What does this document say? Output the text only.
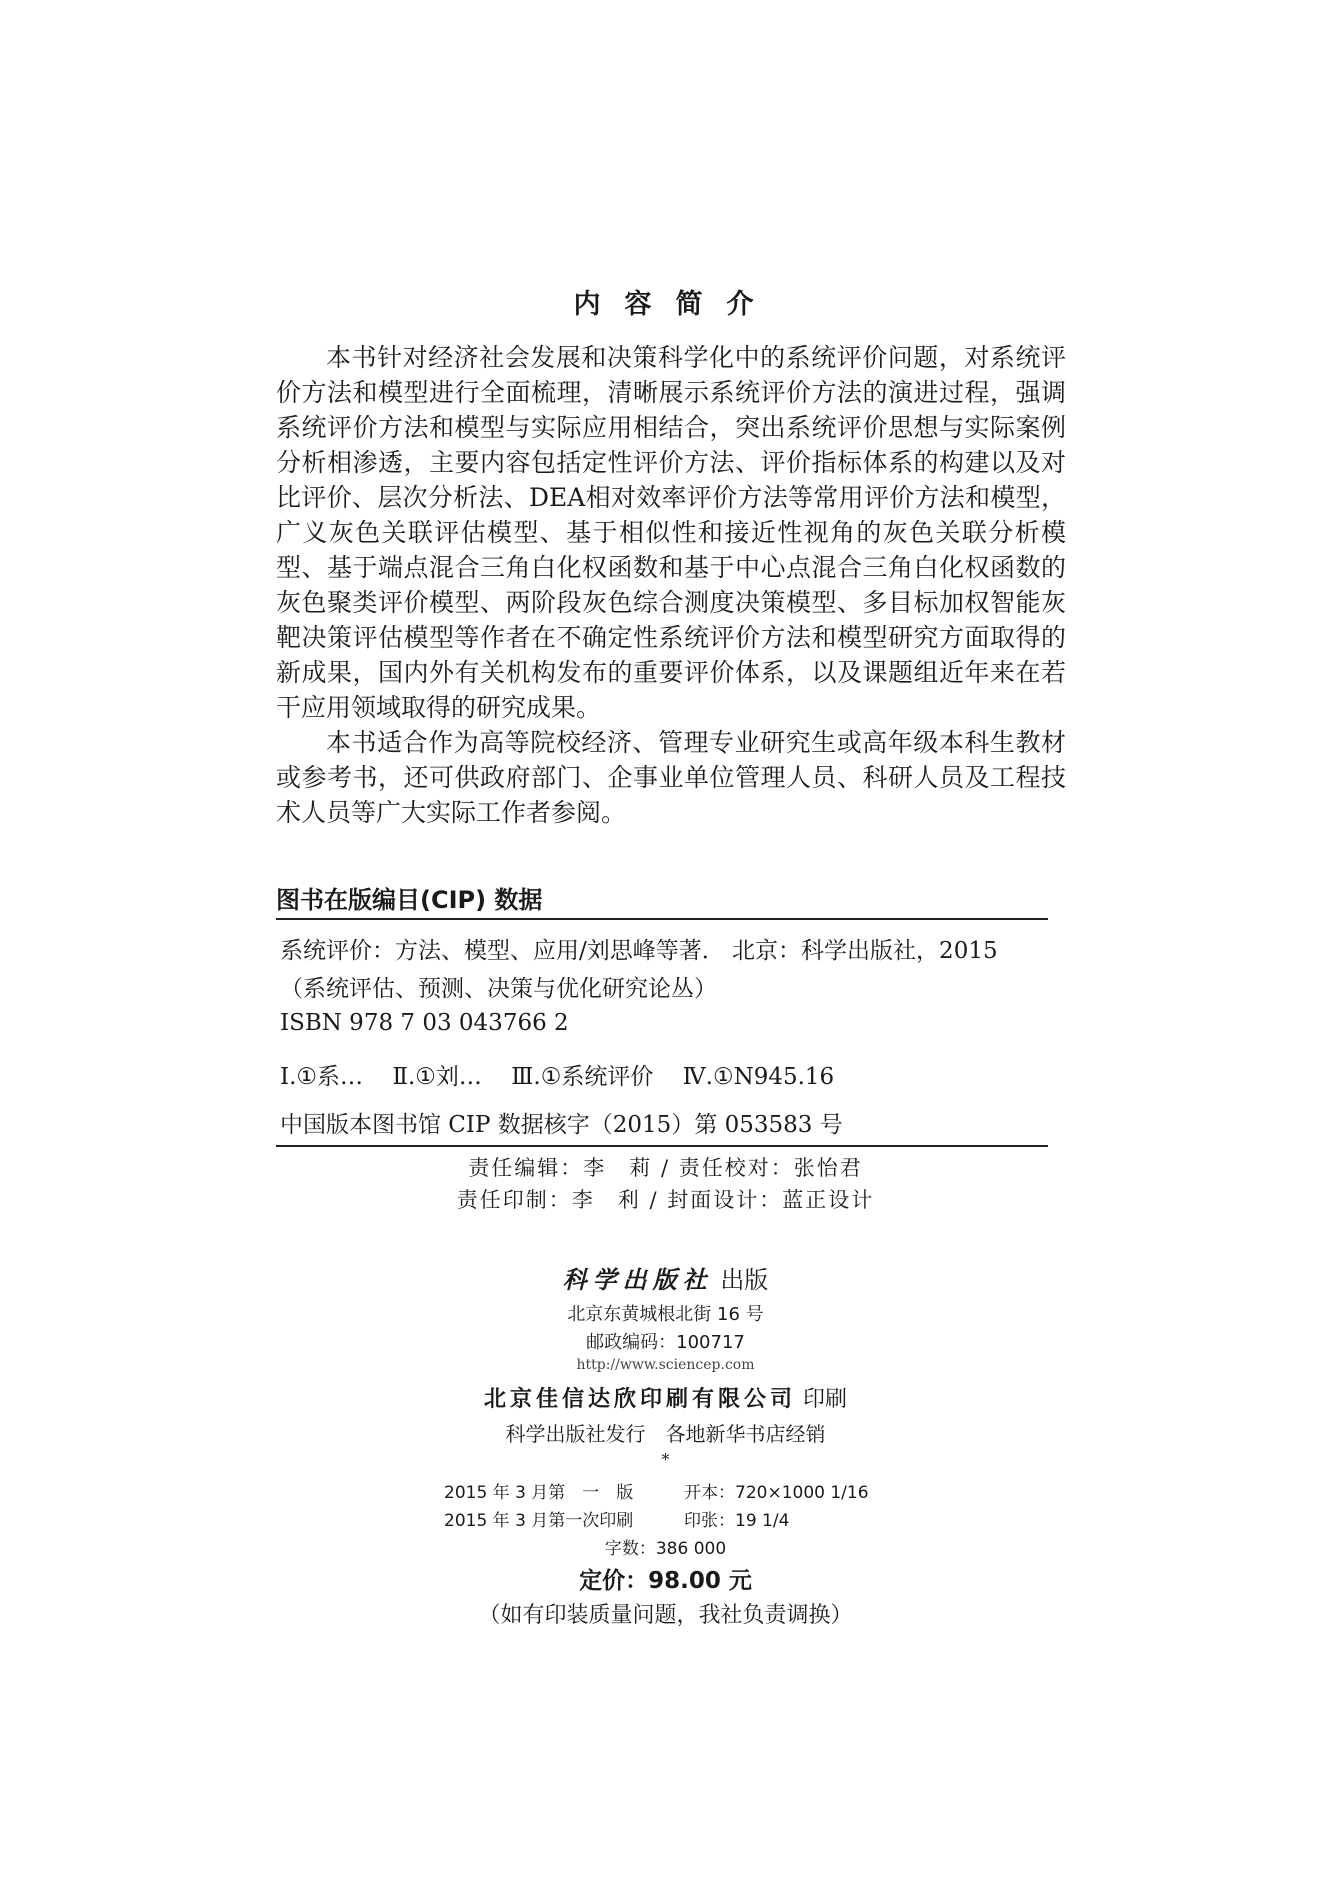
内容简介

本书针对经济社会发展和决策科学化中的系统评价问题，对系统评价方法和模型进行全面梳理，清晰展示系统评价方法的演进过程，强调系统评价方法和模型与实际应用相结合，突出系统评价思想与实际案例分析相渗透，主要内容包括定性评价方法、评价指标体系的构建以及对比评价、层次分析法、DEA相对效率评价方法等常用评价方法和模型，广义灰色关联评估模型、基于相似性和接近性视角的灰色关联分析模型、基于端点混合三角白化权函数和基于中心点混合三角白化权函数的灰色聚类评价模型、两阶段灰色综合测度决策模型、多目标加权智能灰靶决策评估模型等作者在不确定性系统评价方法和模型研究方面取得的新成果，国内外有关机构发布的重要评价体系，以及课题组近年来在若干应用领域取得的研究成果。

本书适合作为高等院校经济、管理专业研究生或高年级本科生教材或参考书，还可供政府部门、企事业单位管理人员、科研人员及工程技术人员等广大实际工作者参阅。

图书在版编目(CIP) 数据
系统评价：方法、模型、应用/刘思峰等著． 北京：科学出版社，2015
（系统评估、预测、决策与优化研究论丛）
ISBN 978 7 03 043766 2
Ⅰ.①系… Ⅱ.①刘… Ⅲ.①系统评价 Ⅳ.①N945.16
中国版本图书馆 CIP 数据核字（2015）第 053583 号
责任编辑：李　莉 / 责任校对：张怡君
责任印制：李　利 / 封面设计：蓝正设计
科学出版社 出版
北京东黄城根北街 16 号
邮政编码：100717
http://www.sciencep.com
北京佳信达欣印刷有限公司 印刷
科学出版社发行　各地新华书店经销
*
2015 年 3 月第　一　版	开本：720×1000 1/16
2015 年 3 月第一次印刷	印张：19 1/4
字数：386 000
定价：98.00 元
（如有印装质量问题，我社负责调换）
